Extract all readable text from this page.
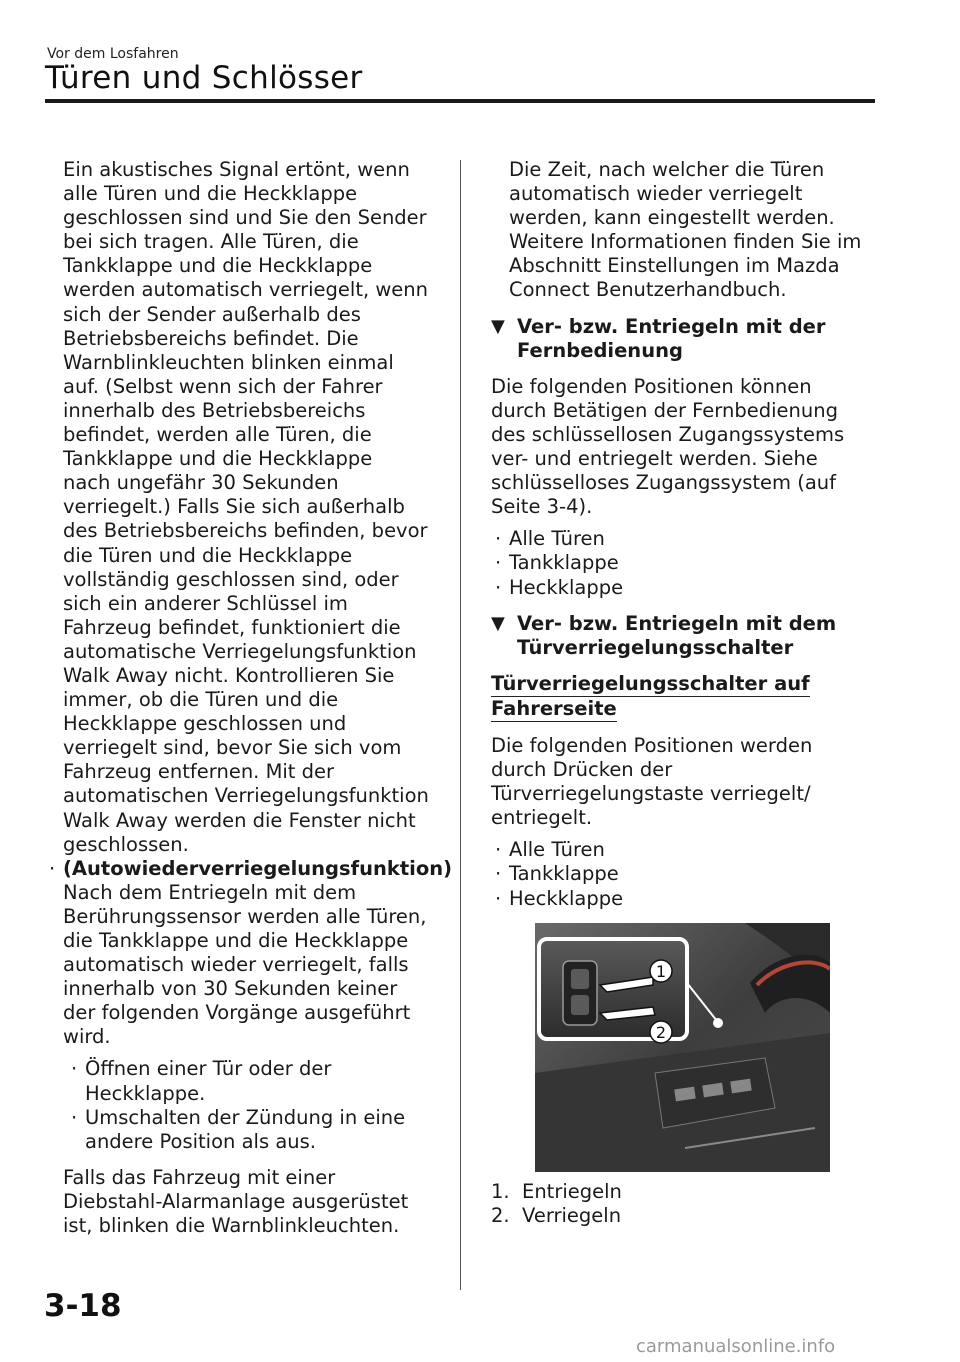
Vor dem Losfahren
Türen und Schlösser

Ein akustisches Signal ertönt, wenn

alle Türen und die Heckklappe

geschlossen sind und Sie den Sender

bei sich tragen. Alle Türen, die

Tankklappe und die Heckklappe

werden automatisch verriegelt, wenn

sich der Sender außerhalb des

Betriebsbereichs befindet. Die

Warnblinkleuchten blinken einmal

auf. (Selbst wenn sich der Fahrer

innerhalb des Betriebsbereichs

befindet, werden alle Türen, die

Tankklappe und die Heckklappe

nach ungefähr 30 Sekunden

verriegelt.) Falls Sie sich außerhalb

des Betriebsbereichs befinden, bevor

die Türen und die Heckklappe

vollständig geschlossen sind, oder

sich ein anderer Schlüssel im

Fahrzeug befindet, funktioniert die

automatische Verriegelungsfunktion

Walk Away nicht. Kontrollieren Sie

immer, ob die Türen und die

Heckklappe geschlossen und

verriegelt sind, bevor Sie sich vom

Fahrzeug entfernen. Mit der

automatischen Verriegelungsfunktion

Walk Away werden die Fenster nicht

geschlossen.

· (Autowiederverriegelungsfunktion)

Nach dem Entriegeln mit dem

Berührungssensor werden alle Türen,

die Tankklappe und die Heckklappe

automatisch wieder verriegelt, falls

innerhalb von 30 Sekunden keiner

der folgenden Vorgänge ausgeführt

wird.

· Öffnen einer Tür oder der

Heckklappe.

· Umschalten der Zündung in eine

andere Position als aus.

Falls das Fahrzeug mit einer

Diebstahl-Alarmanlage ausgerüstet

ist, blinken die Warnblinkleuchten.

Die Zeit, nach welcher die Türen

automatisch wieder verriegelt

werden, kann eingestellt werden.

Weitere Informationen finden Sie im

Abschnitt Einstellungen im Mazda

Connect Benutzerhandbuch.

▼ Ver- bzw. Entriegeln mit der

Fernbedienung

Die folgenden Positionen können

durch Betätigen der Fernbedienung

des schlüssellosen Zugangssystems

ver- und entriegelt werden. Siehe

schlüsselloses Zugangssystem (auf

Seite 3-4).

· Alle Türen

· Tankklappe

· Heckklappe

▼ Ver- bzw. Entriegeln mit dem

Türverriegelungsschalter

Türverriegelungsschalter auf
Fahrerseite

Die folgenden Positionen werden

durch Drücken der

Türverriegelungstaste verriegelt/

entriegelt.

· Alle Türen

· Tankklappe

· Heckklappe

1
2
1. Entriegeln
2. Verriegeln
3-18
carmanualsonline.info
